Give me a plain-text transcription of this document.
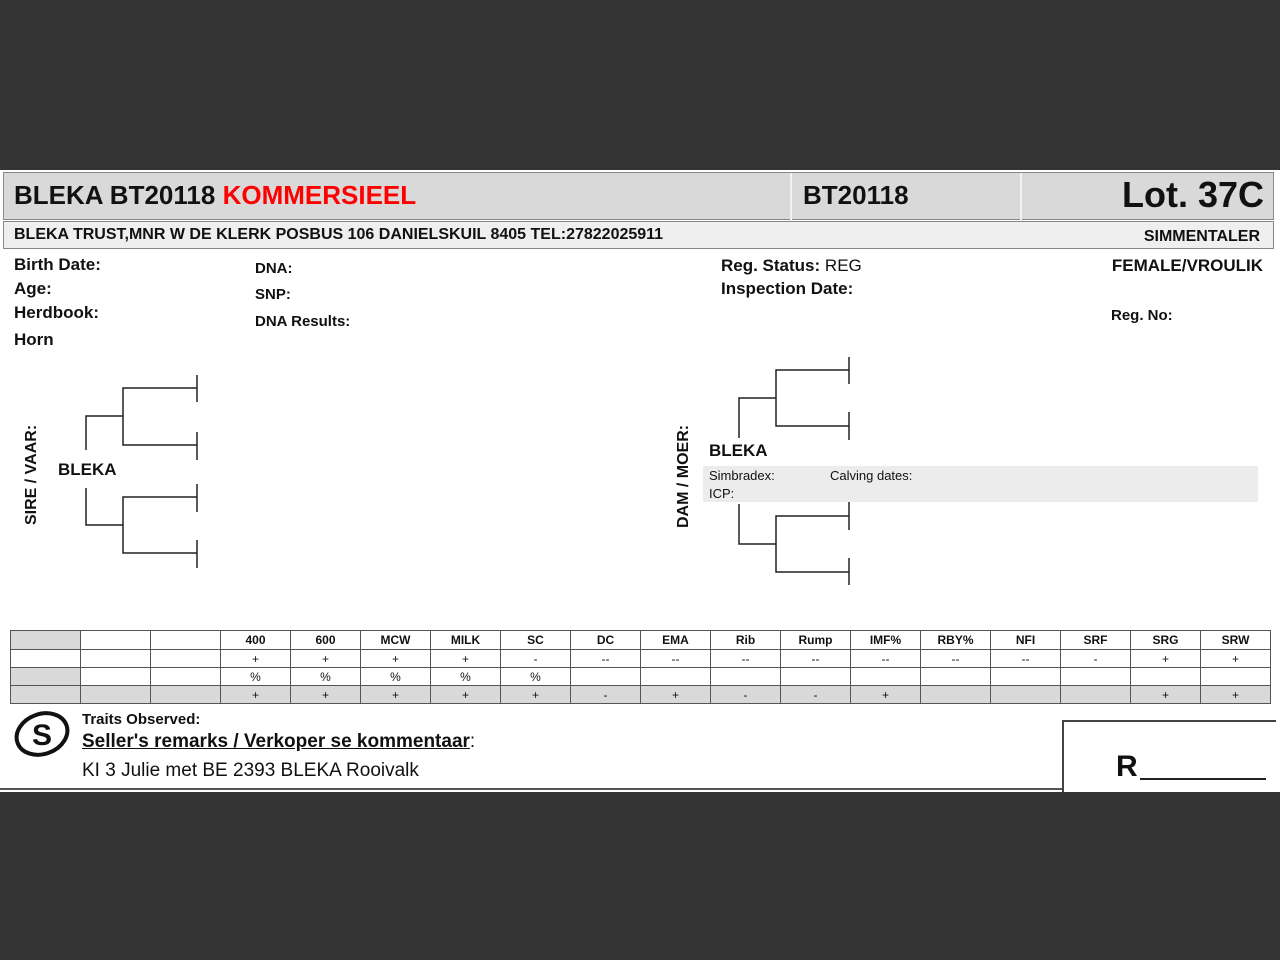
BLEKA BT20118 KOMMERSIEEL	BT20118	Lot. 37C
BLEKA TRUST,MNR W DE KLERK POSBUS 106 DANIELSKUIL 8405 TEL:27822025911	SIMMENTALER
Birth Date:
Age:
Herdbook:
Horn
DNA:
SNP:
DNA Results:
Reg. Status: REG
Inspection Date:
FEMALE/VROULIK
Reg. No:
SIRE / VAAR: BLEKA	DAM / MOER: BLEKA
Simbradex:	Calving dates:
ICP:
			400	600	MCW	MILK	SC	DC	EMA	Rib	Rump	IMF%	RBY%	NFI	SRF	SRG	SRW
			+	+	+	+	-	--	--	--	--	--	--	--	-	+	+
			%	%	%	%	%										
			+	+	+	+	+	-	+	-	-	+				+	+
S Traits Observed:
Seller's remarks / Verkoper se kommentaar:
KI 3 Julie met BE 2393 BLEKA Rooivalk	R
